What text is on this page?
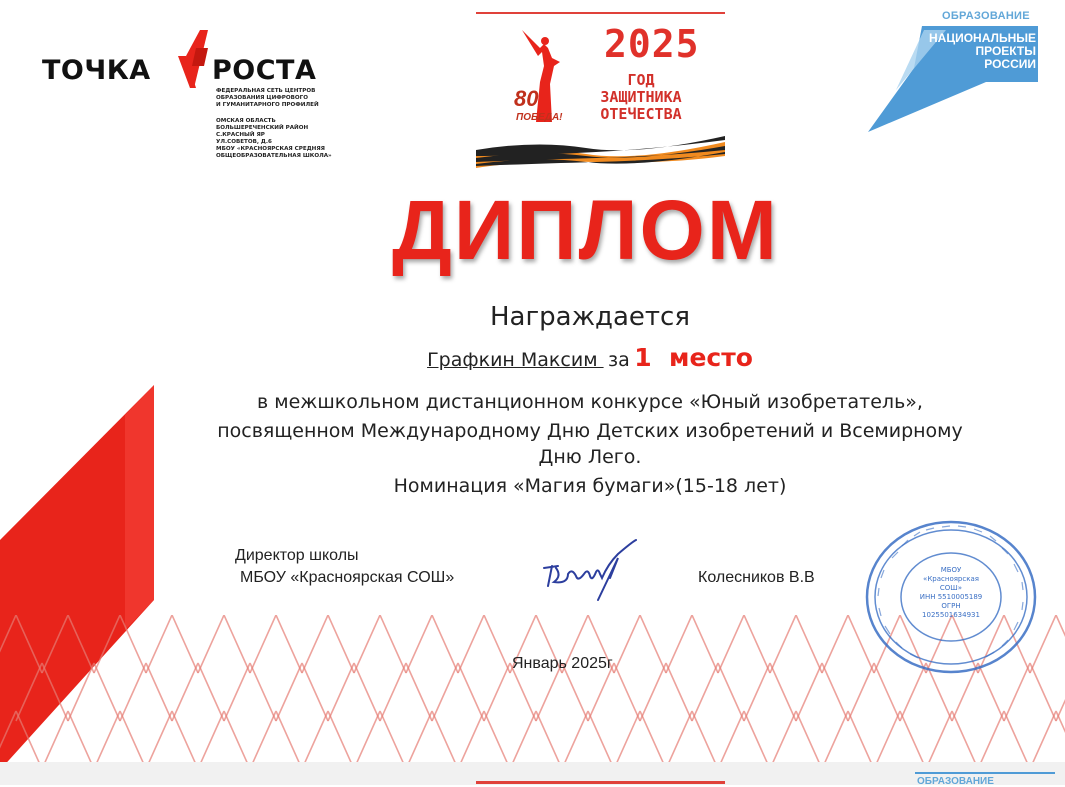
ТОЧКА РОСТА
ФЕДЕРАЛЬНАЯ СЕТЬ ЦЕНТРОВ
ОБРАЗОВАНИЯ ЦИФРОВОГО
И ГУМАНИТАРНОГО ПРОФИЛЕЙ
ОМСКАЯ ОБЛАСТЬ
БОЛЬШЕРЕЧЕНСКИЙ РАЙОН
С.КРАСНЫЙ ЯР
УЛ.СОВЕТОВ, Д.6
МБОУ «КРАСНОЯРСКАЯ СРЕДНЯЯ
ОБЩЕОБРАЗОВАТЕЛЬНАЯ ШКОЛА»
80
ПОБЕДА!
2025
ГОД
ЗАЩИТНИКА
ОТЕЧЕСТВА
ОБРАЗОВАНИЕ
НАЦИОНАЛЬНЫЕ
ПРОЕКТЫ
РОССИИ
ДИПЛОМ
Награждается
Графкин Максим  за 1  место
в межшкольном дистанционном конкурсе «Юный изобретатель»,
посвященном Международному Дню Детских изобретений и Всемирному
Дню Лего.
Номинация «Магия бумаги»(15-18 лет)
Директор школы
МБОУ «Красноярская СОШ»	Колесников В.В	МБОУ
«Красноярская
СОШ»
ИНН 5510005189
ОГРН
1025501634931
Январь 2025г
ОБРАЗОВАНИЕ
